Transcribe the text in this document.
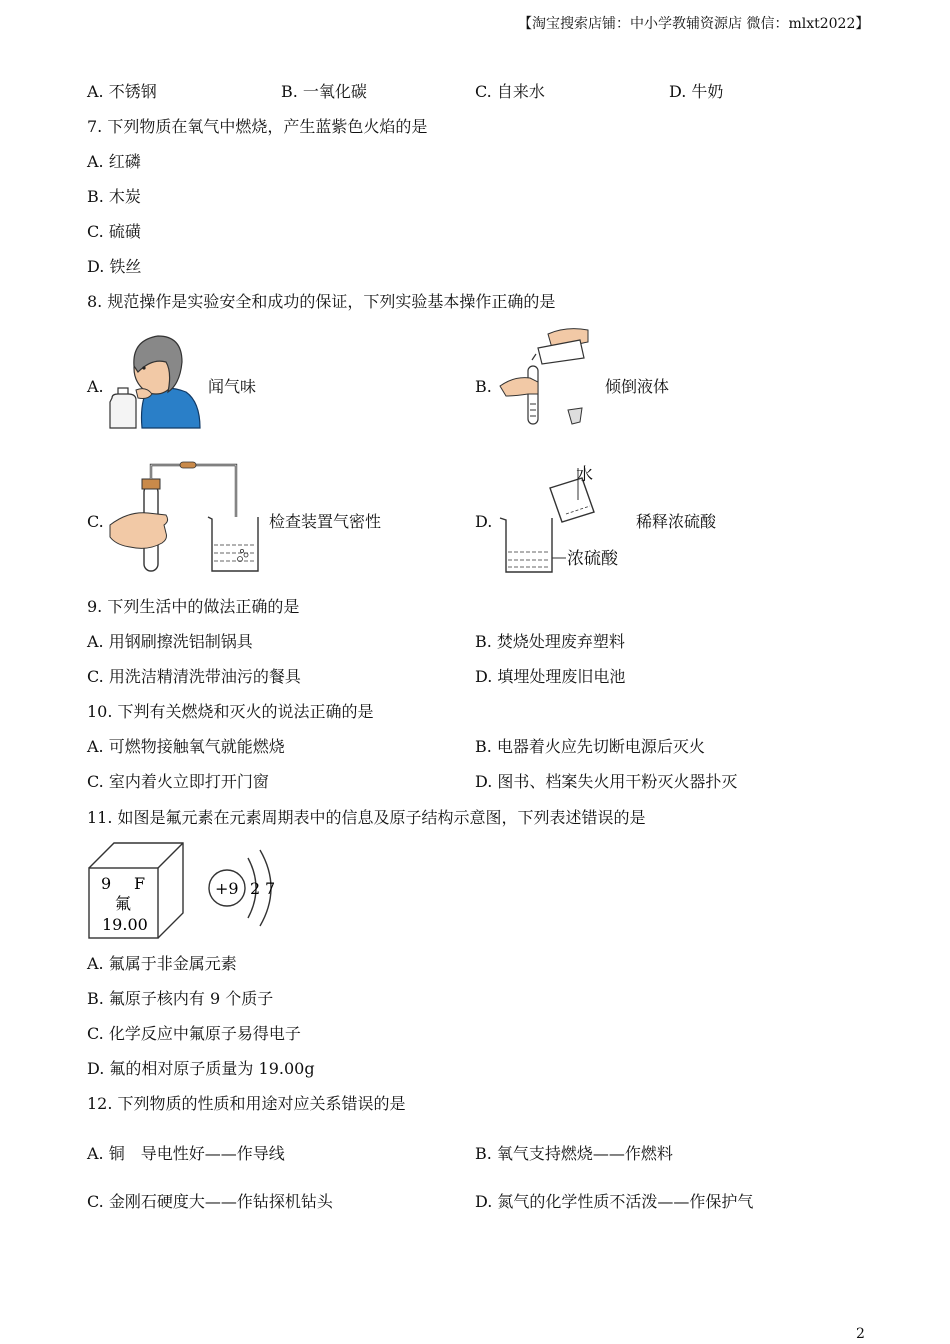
【淘宝搜索店铺：中小学教辅资源店 微信：mlxt2022】
A. 不锈钢	B. 一氧化碳	C. 自来水	D. 牛奶
7. 下列物质在氧气中燃烧，产生蓝紫色火焰的是
A. 红磷
B. 木炭
C. 硫磺
D. 铁丝
8. 规范操作是实验安全和成功的保证，下列实验基本操作正确的是
A.	闻气味	B.	倾倒液体
C.	检查装置气密性	D.
水
浓硫酸
稀释浓硫酸
9. 下列生活中的做法正确的是
A. 用钢刷擦洗铝制锅具	B. 焚烧处理废弃塑料
C. 用洗洁精清洗带油污的餐具	D. 填埋处理废旧电池
10. 下判有关燃烧和灭火的说法正确的是
A. 可燃物接触氧气就能燃烧	B. 电器着火应先切断电源后灭火
C. 室内着火立即打开门窗	D. 图书、档案失火用干粉灭火器扑灭
11. 如图是氟元素在元素周期表中的信息及原子结构示意图，下列表述错误的是
9 F
氟
19.00
+9 2 7
A. 氟属于非金属元素
B. 氟原子核内有 9 个质子
C. 化学反应中氟原子易得电子
D. 氟的相对原子质量为 19.00g
12. 下列物质的性质和用途对应关系错误的是
A. 铜　导电性好——作导线	B. 氧气支持燃烧——作燃料
C. 金刚石硬度大——作钻探机钻头	D. 氮气的化学性质不活泼——作保护气
2
